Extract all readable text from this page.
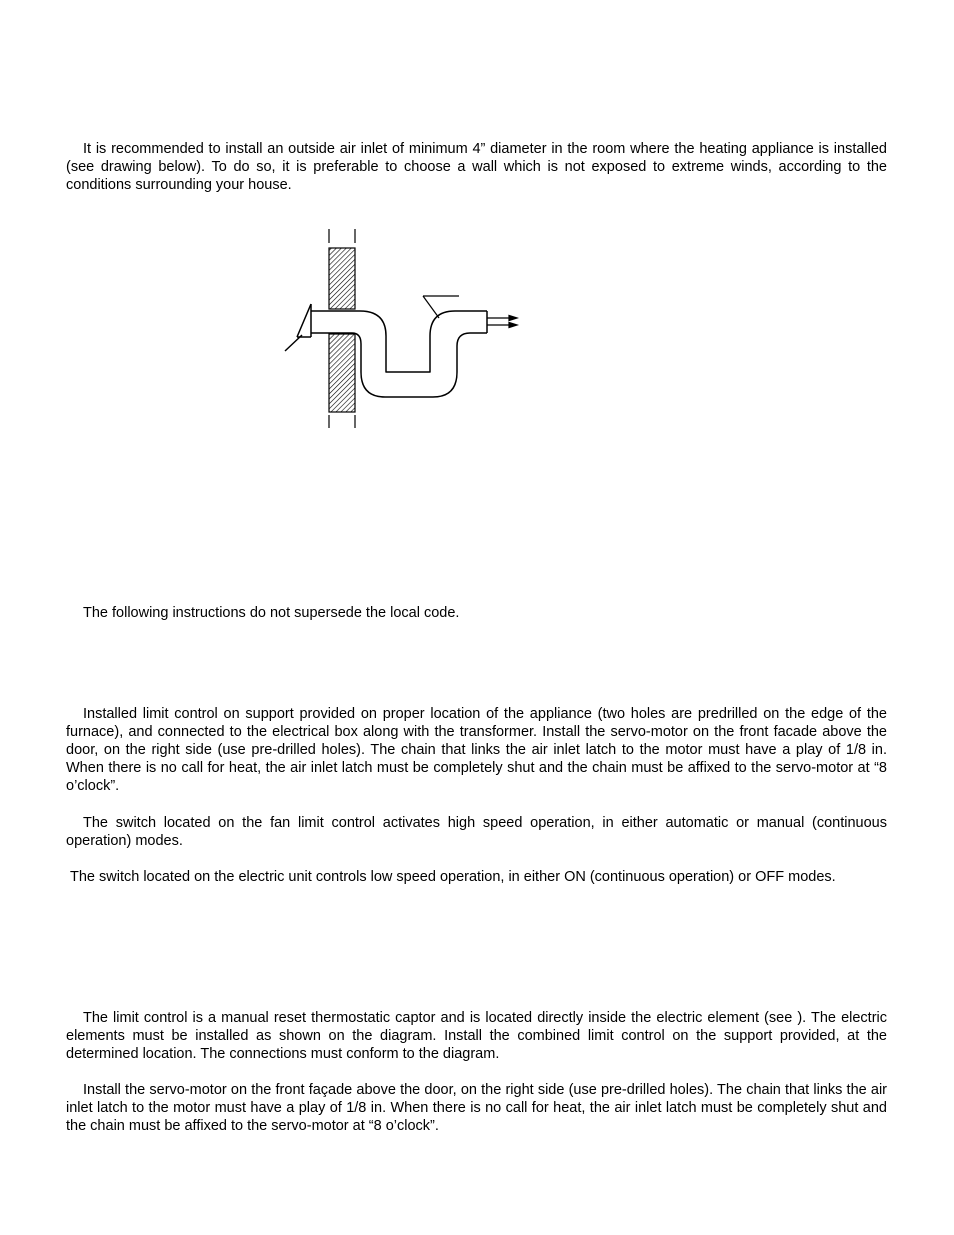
It is recommended to install an outside air inlet of minimum 4” diameter in the room where the heating appliance is installed (see drawing below). To do so, it is preferable to choose a wall which is not exposed to extreme winds, according to the conditions surrounding your house.

The following instructions do not supersede the local code.

Installed limit control on support provided on proper location of the appliance (two holes are predrilled on the edge of the furnace), and connected to the electrical box along with the transformer. Install the servo-motor on the front facade above the door, on the right side (use pre-drilled holes). The chain that links the air inlet latch to the motor must have a play of 1/8 in. When there is no call for heat, the air inlet latch must be completely shut and the chain must be affixed to the servo-motor at “8 o’clock”.

The switch located on the fan limit control activates high speed operation, in either automatic or manual (continuous operation) modes.

The switch located on the electric unit controls low speed operation, in either ON (continuous operation) or OFF modes.

The limit control is a manual reset thermostatic captor and is located directly inside the electric element (see ). The electric elements must be installed as shown on the diagram. Install the combined limit control on the support provided, at the determined location. The connections must conform to the diagram.

Install the servo-motor on the front façade above the door, on the right side (use pre-drilled holes). The chain that links the air inlet latch to the motor must have a play of 1/8 in. When there is no call for heat, the air inlet latch must be completely shut and the chain must be affixed to the servo-motor at “8 o’clock”.
